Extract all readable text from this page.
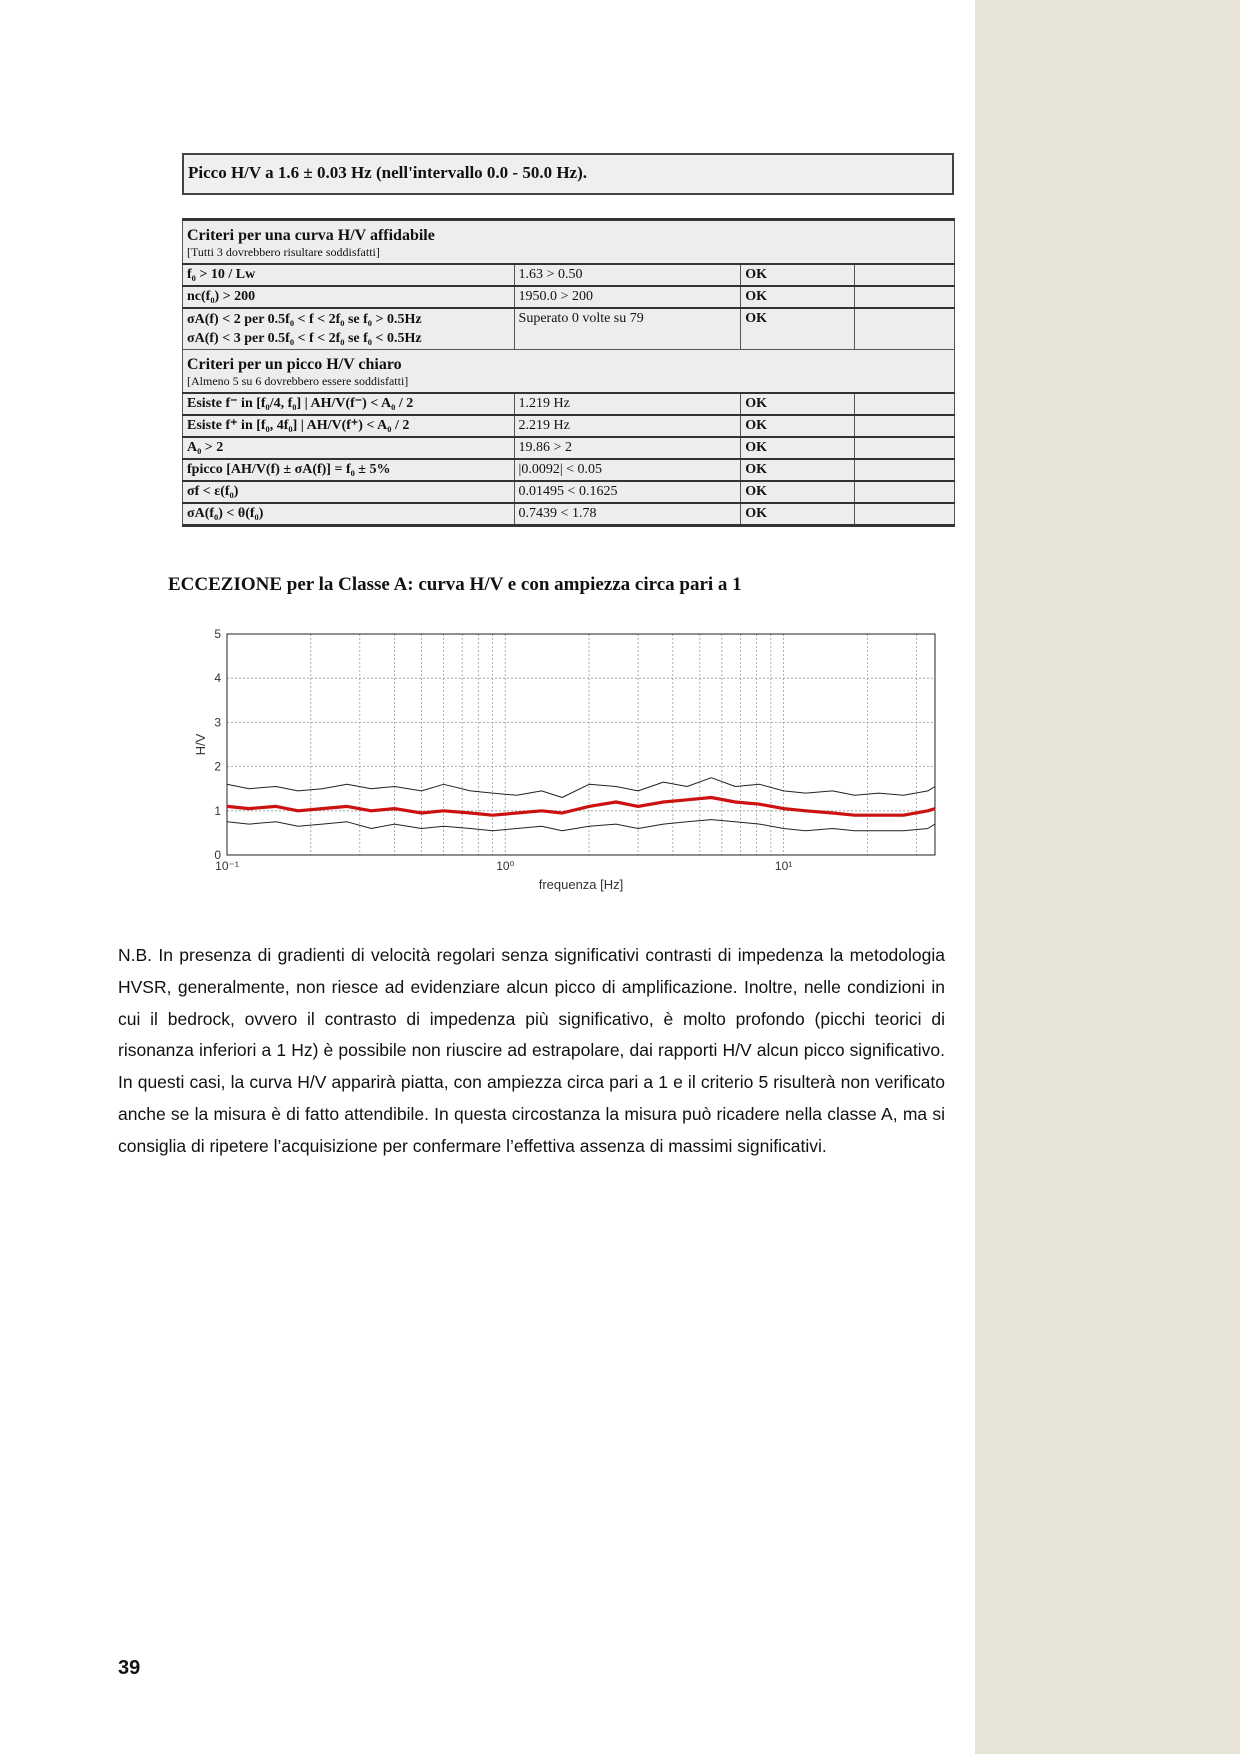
Picco H/V a 1.6 ± 0.03 Hz (nell'intervallo 0.0 - 50.0 Hz).
Criteri per una curva H/V affidabile
[Tutti 3 dovrebbero risultare soddisfatti]			

f₀ > 10 / Lw	1.63 > 0.50	OK	
nc(f₀) > 200	1950.0 > 200	OK	

σA(f) < 2 per 0.5f₀ < f < 2f₀ se f₀ > 0.5Hz
σA(f) < 3 per 0.5f₀ < f < 2f₀ se f₀ < 0.5Hz	Superato 0 volte su 79	OK	

Criteri per un picco H/V chiaro
[Almeno 5 su 6 dovrebbero essere soddisfatti]			

Esiste f⁻ in [f₀/4, f₀] | AH/V(f⁻) < A₀ / 2	1.219 Hz	OK	
Esiste f⁺ in [f₀, 4f₀] | AH/V(f⁺) < A₀ / 2	2.219 Hz	OK	
A₀ > 2	19.86 > 2	OK	
fpicco [AH/V(f) ± σA(f)] = f₀ ± 5%	|0.0092| < 0.05	OK	
σf < ε(f₀)	0.01495 < 0.1625	OK	
σA(f₀) < θ(f₀)	0.7439 < 1.78	OK	
ECCEZIONE per la Classe A: curva H/V e con ampiezza circa pari a 1
0
1
2
3
4
5
10⁻¹	10⁰	10¹
frequenza [Hz]
H/V
N.B. In presenza di gradienti di velocità regolari senza significativi contrasti di impedenza la metodologia HVSR, generalmente, non riesce ad evidenziare alcun picco di amplificazione. Inoltre, nelle condizioni in cui il bedrock, ovvero il contrasto di impedenza più significativo, è molto profondo (picchi teorici di risonanza inferiori a 1 Hz) è possibile non riuscire ad estrapolare, dai rapporti H/V alcun picco significativo. In questi casi, la curva H/V apparirà piatta, con ampiezza circa pari a 1 e il criterio 5 risulterà non verificato anche se la misura è di fatto attendibile. In questa circostanza la misura può ricadere nella classe A, ma si consiglia di ripetere l’acquisizione per confermare l’effettiva assenza di massimi significativi.
39
